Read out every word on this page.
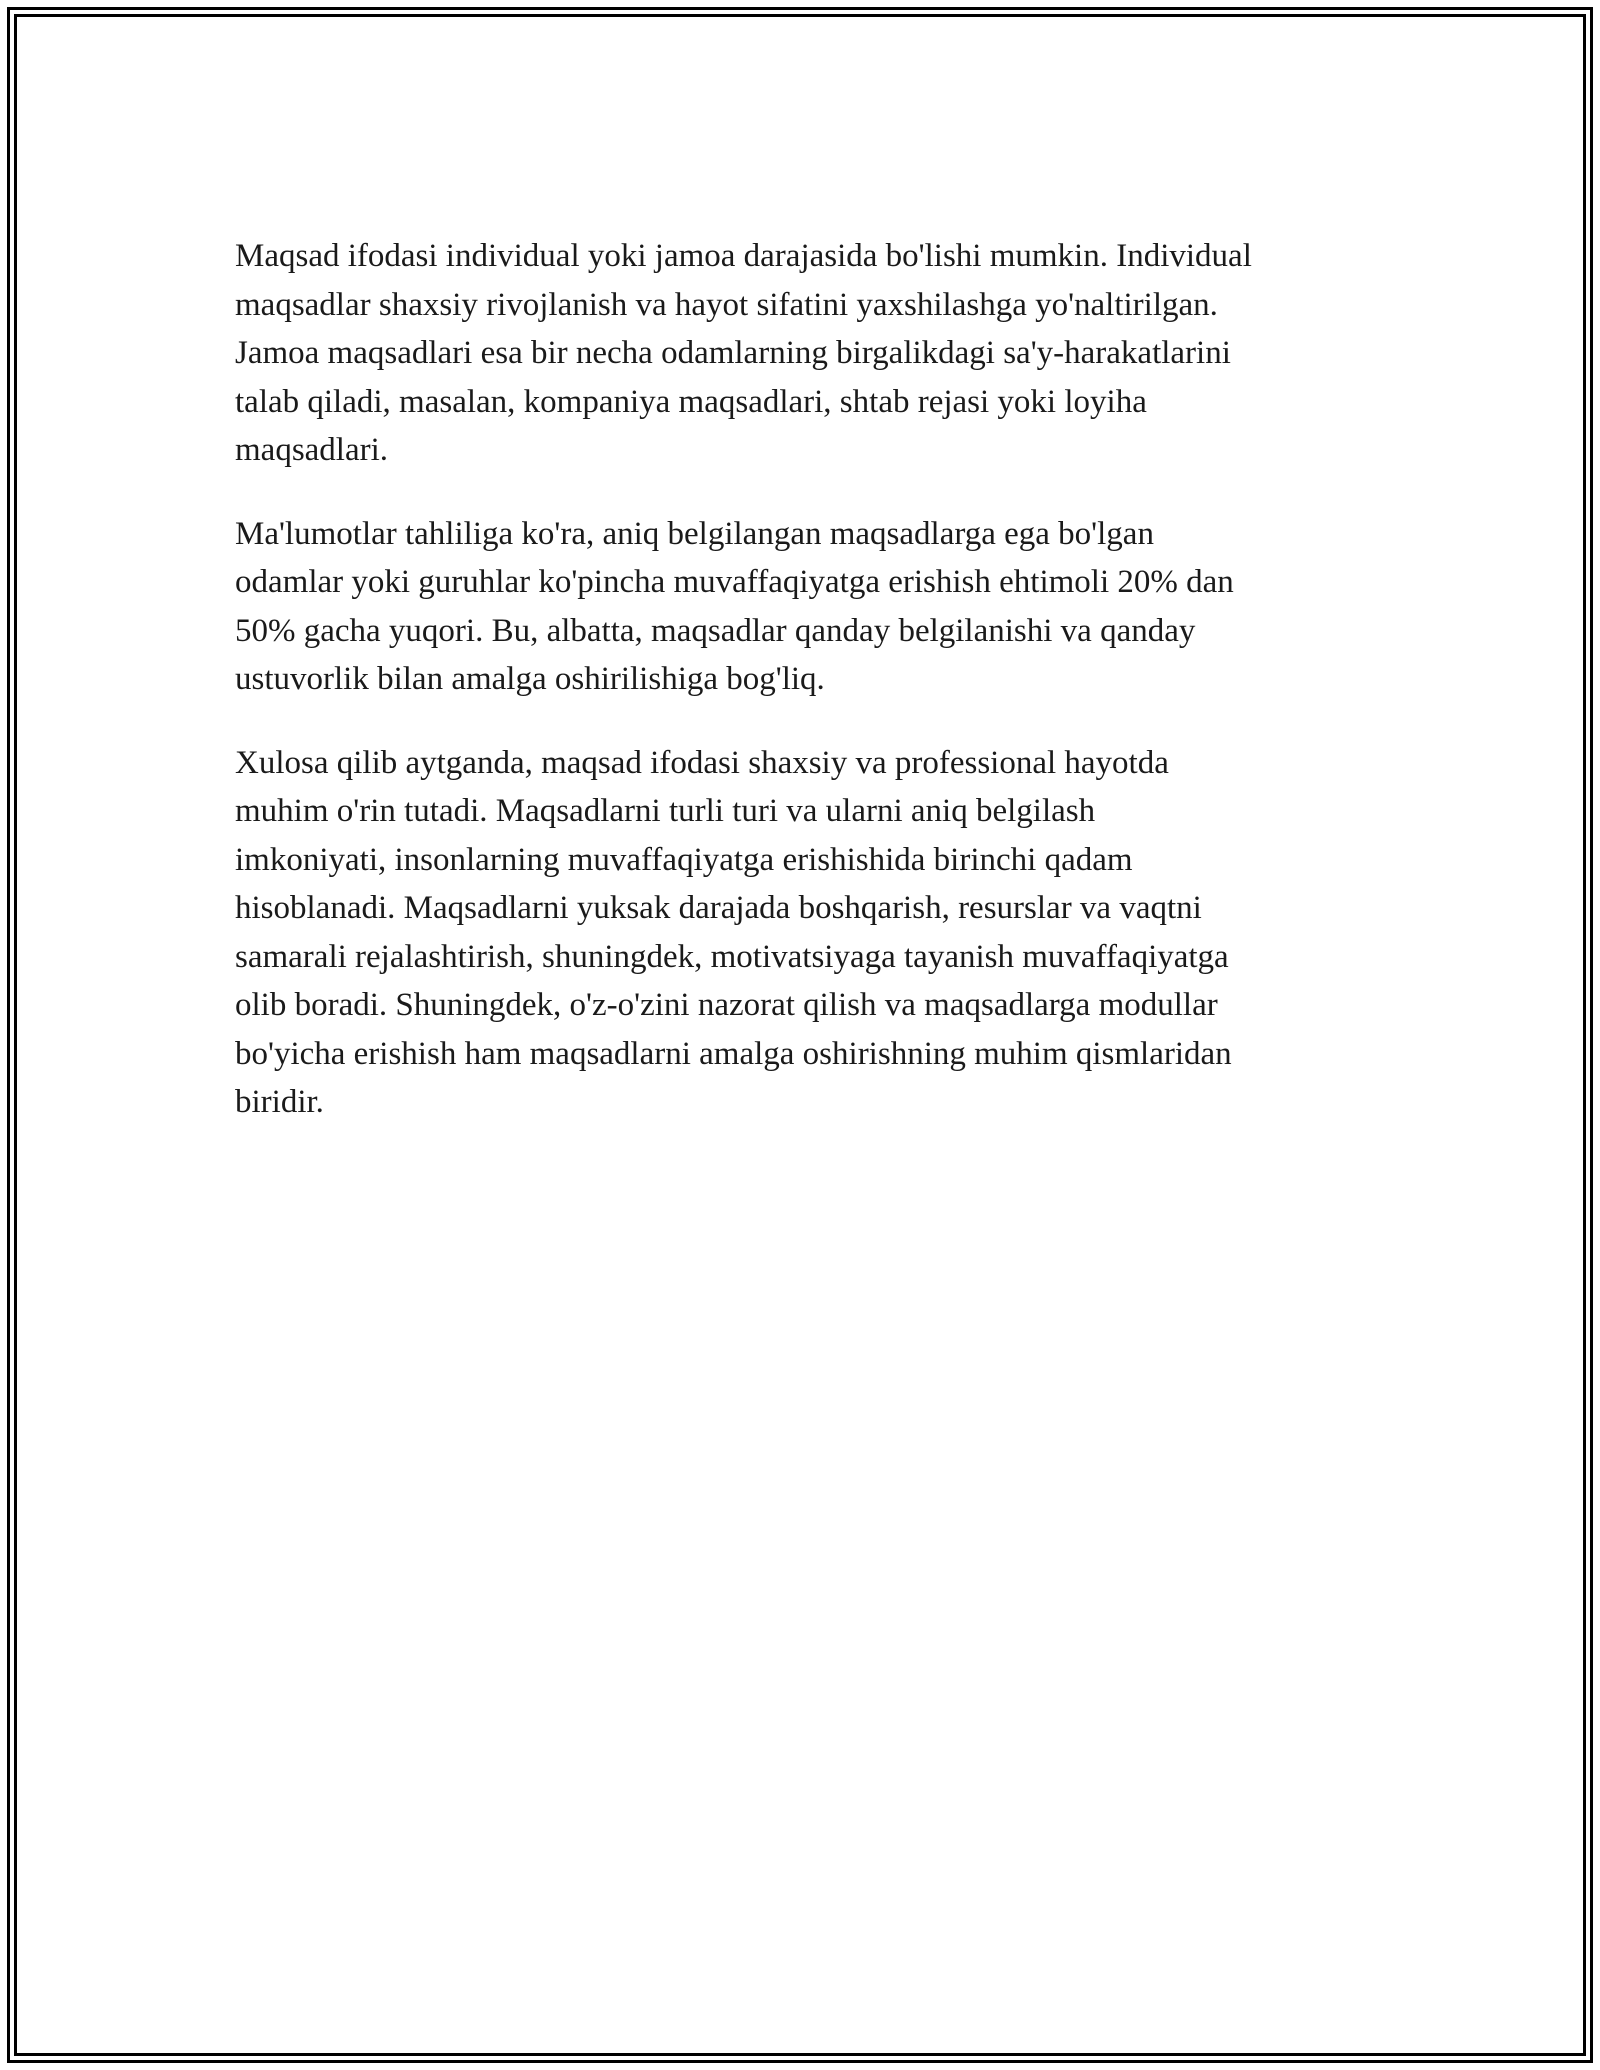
Maqsad ifodasi individual yoki jamoa darajasida bo'lishi mumkin. Individual
maqsadlar shaxsiy rivojlanish va hayot sifatini yaxshilashga yo'naltirilgan.
Jamoa maqsadlari esa bir necha odamlarning birgalikdagi sa'y-harakatlarini
talab qiladi, masalan, kompaniya maqsadlari, shtab rejasi yoki loyiha
maqsadlari.

Ma'lumotlar tahliliga ko'ra, aniq belgilangan maqsadlarga ega bo'lgan
odamlar yoki guruhlar ko'pincha muvaffaqiyatga erishish ehtimoli 20% dan
50% gacha yuqori. Bu, albatta, maqsadlar qanday belgilanishi va qanday
ustuvorlik bilan amalga oshirilishiga bog'liq.

Xulosa qilib aytganda, maqsad ifodasi shaxsiy va professional hayotda
muhim o'rin tutadi. Maqsadlarni turli turi va ularni aniq belgilash
imkoniyati, insonlarning muvaffaqiyatga erishishida birinchi qadam
hisoblanadi. Maqsadlarni yuksak darajada boshqarish, resurslar va vaqtni
samarali rejalashtirish, shuningdek, motivatsiyaga tayanish muvaffaqiyatga
olib boradi. Shuningdek, o'z-o'zini nazorat qilish va maqsadlarga modullar
bo'yicha erishish ham maqsadlarni amalga oshirishning muhim qismlaridan
biridir.
